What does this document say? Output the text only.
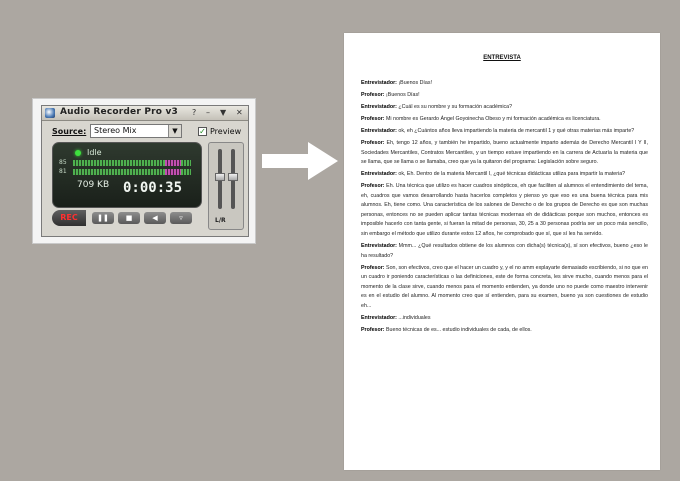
Audio Recorder Pro v3 ? – ▼ ✕
Source: Stereo Mix	▼	✓ Preview
Idle
85
81
709 KB 0:00:35
REC	❚❚	■	◀	▿	L/R
ENTREVISTA

Entrevistador: ¡Buenos Días!

Profesor: ¡Buenos Días!

Entrevistador: ¿Cuál es su nombre y su formación académica?

Profesor: Mi nombre es Gerardo Ángel Goyoinecha Obeso y mi formación académica es licenciatura.

Entrevistador: ok, eh ¿Cuántos años lleva impartiendo la materia de mercantil 1 y qué otras materias más imparte?

Profesor: Eh, tengo 12 años, y también he impartido, bueno actualmente imparto además de Derecho Mercantil I Y II, Sociedades Mercantiles, Contratos Mercantiles, y un tiempo estuve impartiendo en la carrera de Actuaría la materia que se llama, que se llama o se llamaba, creo que ya la quitaron del programa: Legislación sobre seguro.

Entrevistador: ok, Eh. Dentro de la materia Mercantil I, ¿qué técnicas didácticas utiliza para impartir la materia?

Profesor: Eh. Una técnica que utilizo es hacer cuadros sinópticos, eh que faciliten al alumnos el entendimiento del tema, eh, cuadros que vamos desarrollando hasta hacerlos completos y pienso yo que eso es una buena técnica para mis alumnos. Eh, tiene como. Una característica de los salones de Derecho o de los grupos de Derecho es que son muchas personas, entonces no se pueden aplicar tantas técnicas modernas eh de didácticas porque son muchos, entonces es imposible hacerlo con tanta gente, si fueran la mitad de personas, 30, 25 a 30 personas podría ser un poco más sencillo, sin embargo el método que utilizo durante estos 12 años, he comprobado que sí, que sí les ha servido.

Entrevistador: Mmm... ¿Qué resultados obtiene de los alumnos con dicha(s) técnica(s), sí son efectivos, bueno ¿eso le ha resultado?

Profesor: Son, son efectivos, creo que el hacer un cuadro y, y el no amm explayarte demasiado escribiendo, si no que en un cuadro ir poniendo características o las definiciones, este de forma concreta, les sirve mucho, cuando menos para el momento de la clase sirve, cuando menos para el momento entienden, ya donde uno no puede como maestro intervenir es en el estudio del alumno. Al momento creo que sí entienden, para su examen, bueno ya son cuestiones de estudio eh...

Entrevistador: ...individuales

Profesor: Bueno técnicas de es... estudio individuales de cada, de ellos.
